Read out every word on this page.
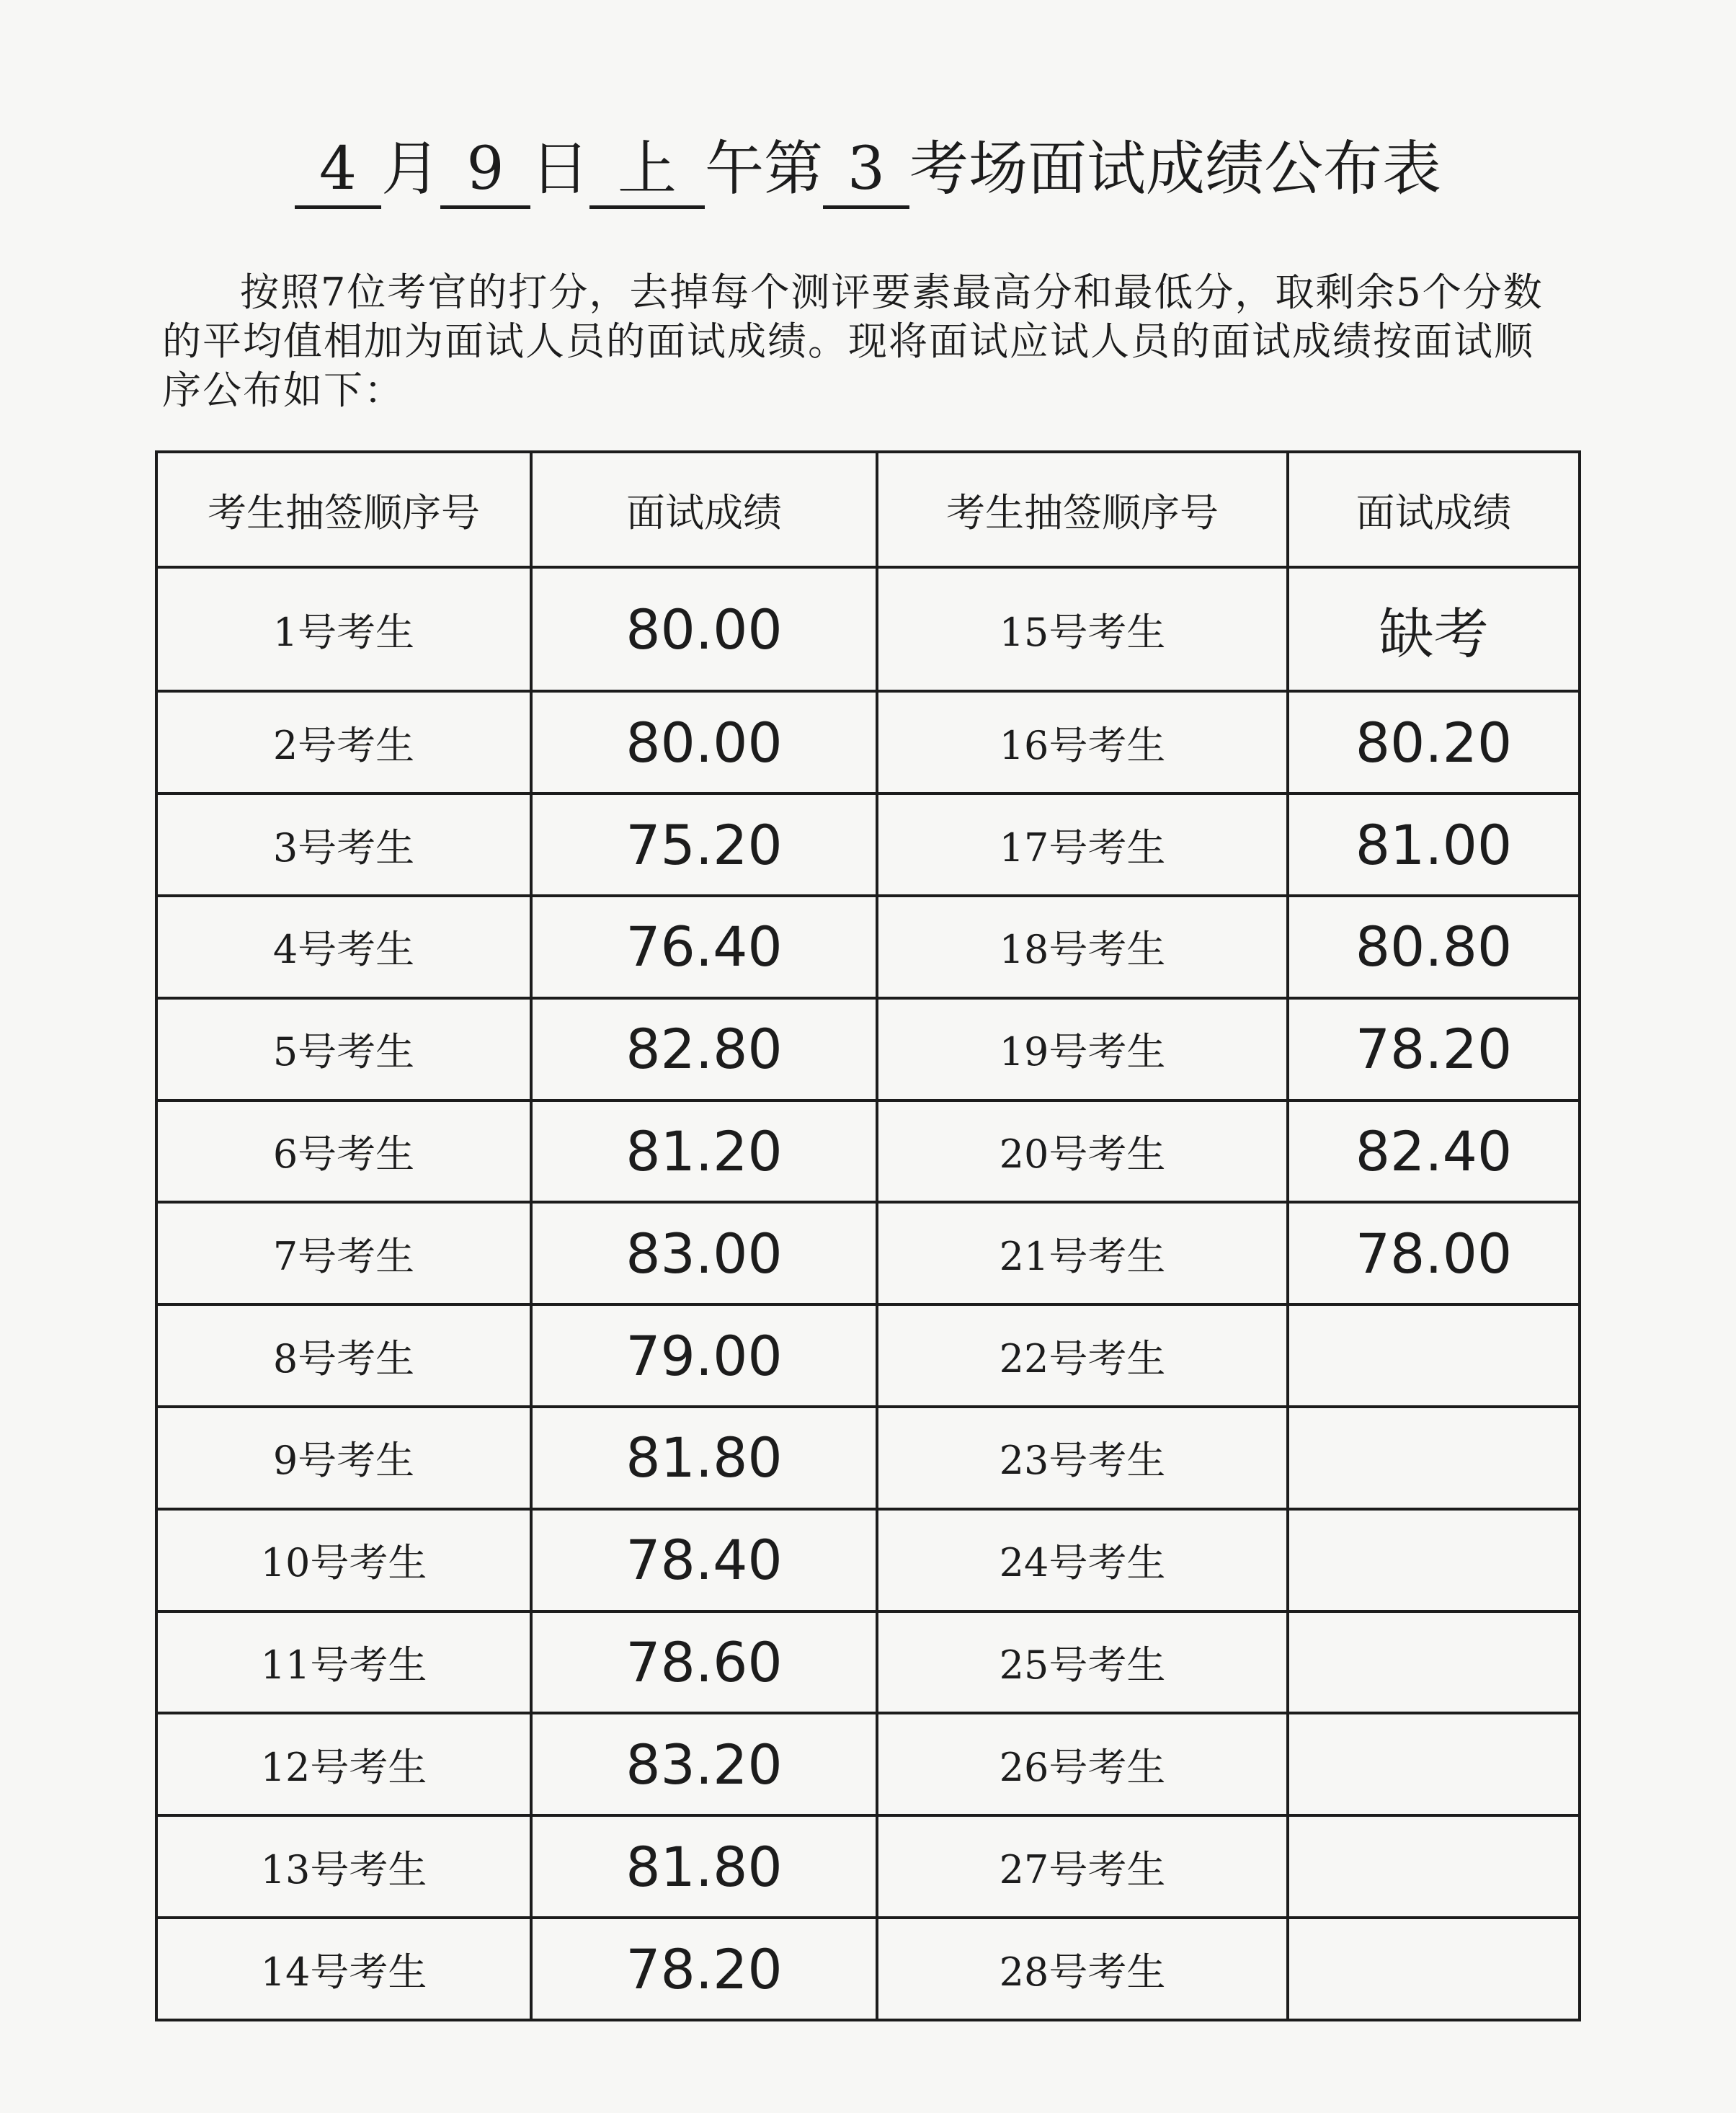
4 月 9 日 上 午第 3 考场面试成绩公布表

按照7位考官的打分，去掉每个测评要素最高分和最低分，取剩余5个分数的平均值相加为面试人员的面试成绩。现将面试应试人员的面试成绩按面试顺序公布如下：

考生抽签顺序号	面试成绩	考生抽签顺序号	面试成绩
1号考生	80.00	15号考生	缺考
2号考生	80.00	16号考生	80.20
3号考生	75.20	17号考生	81.00
4号考生	76.40	18号考生	80.80
5号考生	82.80	19号考生	78.20
6号考生	81.20	20号考生	82.40
7号考生	83.00	21号考生	78.00
8号考生	79.00	22号考生	
9号考生	81.80	23号考生	
10号考生	78.40	24号考生	
11号考生	78.60	25号考生	
12号考生	83.20	26号考生	
13号考生	81.80	27号考生	
14号考生	78.20	28号考生	
